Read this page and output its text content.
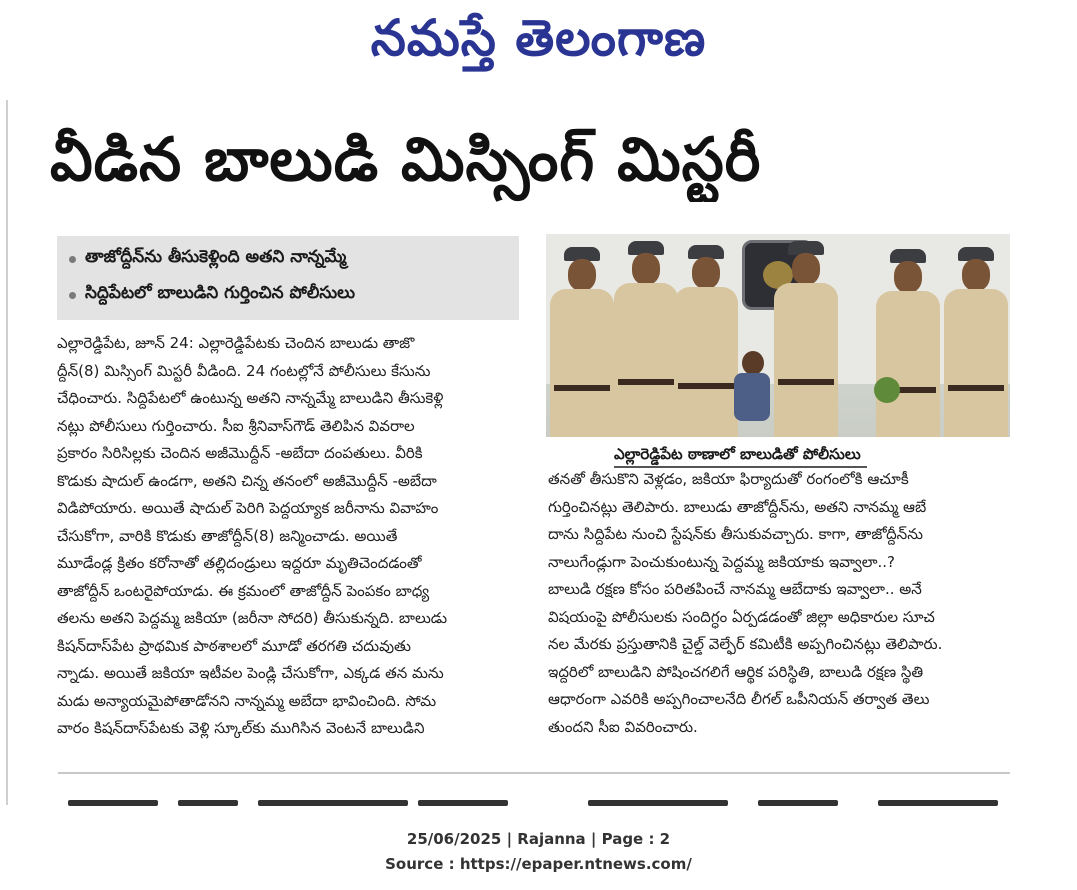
నమస్తే తెలంగాణ
వీడిన బాలుడి మిస్సింగ్ మిస్టరీ
తాజోద్దీన్‌ను తీసుకెళ్లింది అతని నాన్నమ్మే
సిద్దిపేటలో బాలుడిని గుర్తించిన పోలీసులు

ఎల్లారెడ్డిపేట, జూన్ 24: ఎల్లారెడ్డిపేటకు చెందిన బాలుడు తాజొ

ద్దీన్(8) మిస్సింగ్ మిస్టరీ వీడింది. 24 గంటల్లోనే పోలీసులు కేసును

చేధించారు. సిద్దిపేటలో ఉంటున్న అతని నాన్నమ్మే బాలుడిని తీసుకెళ్లి

నట్లు పోలీసులు గుర్తించారు. సీఐ శ్రీనివాస్‌గౌడ్ తెలిపిన వివరాల

ప్రకారం సిరిసిల్లకు చెందిన అజీమొద్దీన్ -అబేదా దంపతులు. వీరికి

కొడుకు షాదుల్ ఉండగా, అతని చిన్న తనంలో అజీమొద్దీన్ -అబేదా

విడిపోయారు. అయితే షాదుల్ పెరిగి పెద్దయ్యాక జరీనాను వివాహం

చేసుకోగా, వారికి కొడుకు తాజోద్దీన్(8) జన్మించాడు. అయితే

మూడేండ్ల క్రితం కరోనాతో తల్లిదండ్రులు ఇద్దరూ మృతిచెందడంతో

తాజోద్దీన్ ఒంటరైపోయాడు. ఈ క్రమంలో తాజోద్దీన్ పెంపకం బాధ్య

తలను అతని పెద్దమ్మ జకియా (జరీనా సోదరి) తీసుకున్నది. బాలుడు

కిషన్‌దాస్‌పేట ప్రాథమిక పాఠశాలలో మూడో తరగతి చదువుతు

న్నాడు. అయితే జకియా ఇటీవల పెండ్లి చేసుకోగా, ఎక్కడ తన మను

మడు అన్యాయమైపోతాడోనని నాన్నమ్మ అబేదా భావించింది. సోమ

వారం కిషన్‌దాస్‌పేటకు వెళ్లి స్కూల్‌కు ముగిసిన వెంటనే బాలుడిని

ఎల్లారెడ్డిపేట ఠాణాలో బాలుడితో పోలీసులు

తనతో తీసుకొని వెళ్లడం, జకియా ఫిర్యాదుతో రంగంలోకి ఆచూకీ

గుర్తించినట్లు తెలిపారు. బాలుడు తాజోద్దీన్‌ను, అతని నానమ్మ ఆబే

దాను సిద్దిపేట నుంచి స్టేషన్‌కు తీసుకువచ్చారు. కాగా, తాజోద్దీన్‌ను

నాలుగేండ్లుగా పెంచుకుంటున్న పెద్దమ్మ జకియాకు ఇవ్వాలా..?

బాలుడి రక్షణ కోసం పరితపించే నానమ్మ ఆబేదాకు ఇవ్వాలా.. అనే

విషయంపై పోలీసులకు సందిగ్ధం ఏర్పడడంతో జిల్లా అధికారుల సూచ

నల మేరకు ప్రస్తుతానికి చైల్డ్ వెల్ఫేర్ కమిటీకి అప్పగించినట్లు తెలిపారు.

ఇద్దరిలో బాలుడిని పోషించగలిగే ఆర్థిక పరిస్థితి, బాలుడి రక్షణ స్థితి

ఆధారంగా ఎవరికి అప్పగించాలనేది లీగల్ ఒపీనియన్ తర్వాత తెలు

తుందని సీఐ వివరించారు.

25/06/2025 | Rajanna | Page : 2
Source : https://epaper.ntnews.com/
